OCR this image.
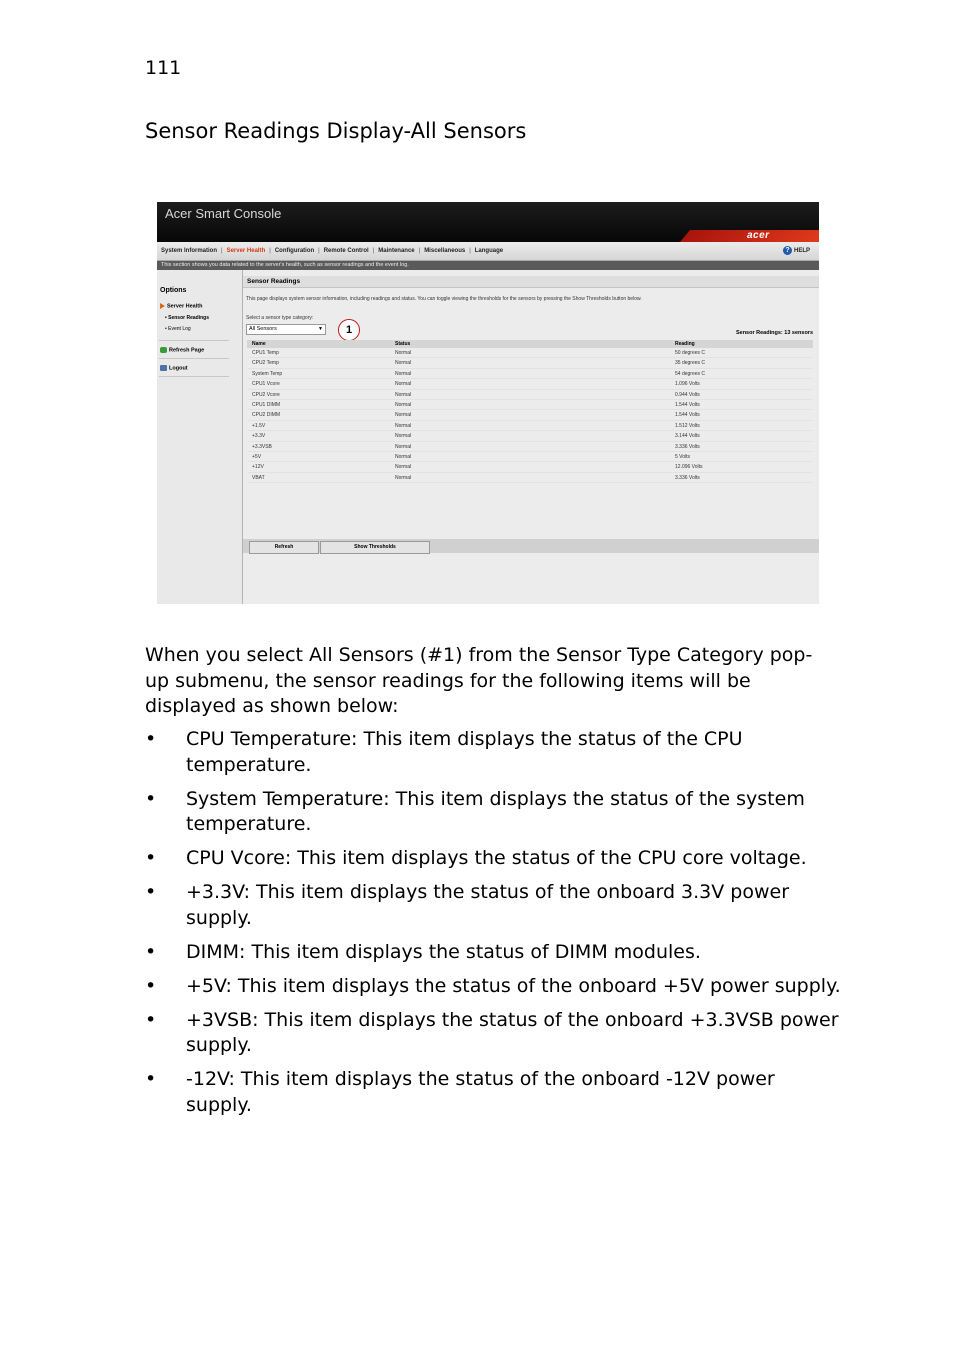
111
Sensor Readings Display-All Sensors
Acer Smart Console
acer
System Information | Server Health | Configuration | Remote Control | Maintenance | Miscellaneous | Language	? HELP
This section shows you data related to the server's health, such as sensor readings and the event log.
Options
Server Health
• Sensor Readings
• Event Log
Refresh Page
Logout
Sensor Readings
This page displays system sensor information, including readings and status. You can toggle viewing the thresholds for the sensors by pressing the Show Thresholds button below.
Select a sensor type category:
All Sensors	▼	1	Sensor Readings: 13 sensors
Name	Status	Reading
CPU1 Temp	Normal	50 degrees C
CPU2 Temp	Normal	35 degrees C
System Temp	Normal	54 degrees C
CPU1 Vcore	Normal	1.096 Volts
CPU2 Vcore	Normal	0.944 Volts
CPU1 DIMM	Normal	1.544 Volts
CPU2 DIMM	Normal	1.544 Volts
+1.5V	Normal	1.512 Volts
+3.3V	Normal	3.144 Volts
+3.3VSB	Normal	3.336 Volts
+5V	Normal	5 Volts
+12V	Normal	12.096 Volts
VBAT	Normal	3.336 Volts
Refresh	Show Thresholds

When you select All Sensors (#1) from the Sensor Type Category pop-up submenu, the sensor readings for the following items will be displayed as shown below:

• CPU Temperature: This item displays the status of the CPU temperature.
• System Temperature: This item displays the status of the system temperature.
• CPU Vcore: This item displays the status of the CPU core voltage.
• +3.3V: This item displays the status of the onboard 3.3V power supply.
• DIMM: This item displays the status of DIMM modules.
• +5V: This item displays the status of the onboard +5V power supply.
• +3VSB: This item displays the status of the onboard +3.3VSB power supply.
• -12V: This item displays the status of the onboard -12V power supply.
